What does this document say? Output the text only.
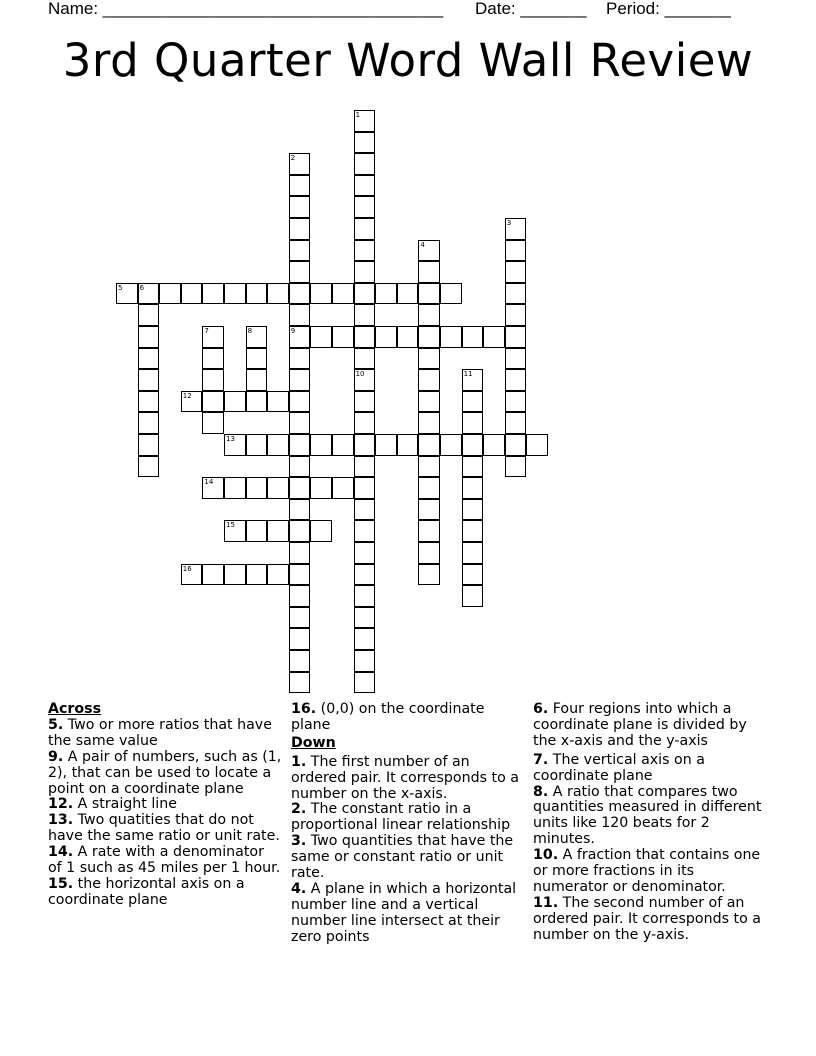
Name: ____________________________________ Date: _______ Period: _______
3rd Quarter Word Wall Review
1
10
2
9
3
4
5 6
7	8
11
12
13
14
15
16
Across
5. Two or more ratios that have the same value
9. A pair of numbers, such as (1, 2), that can be used to locate a point on a coordinate plane
12. A straight line
13. Two quatities that do not have the same ratio or unit rate.
14. A rate with a denominator of 1 such as 45 miles per 1 hour.
15. the horizontal axis on a coordinate plane
16. (0,0) on the coordinate plane
Down
1. The first number of an ordered pair. It corresponds to a number on the x-axis.
2. The constant ratio in a proportional linear relationship
3. Two quantities that have the same or constant ratio or unit rate.
4. A plane in which a horizontal number line and a vertical number line intersect at their zero points
6. Four regions into which a coordinate plane is divided by the x-axis and the y-axis
7. The vertical axis on a coordinate plane
8. A ratio that compares two quantities measured in different units like 120 beats for 2 minutes.
10. A fraction that contains one or more fractions in its numerator or denominator.
11. The second number of an ordered pair. It corresponds to a number on the y-axis.
